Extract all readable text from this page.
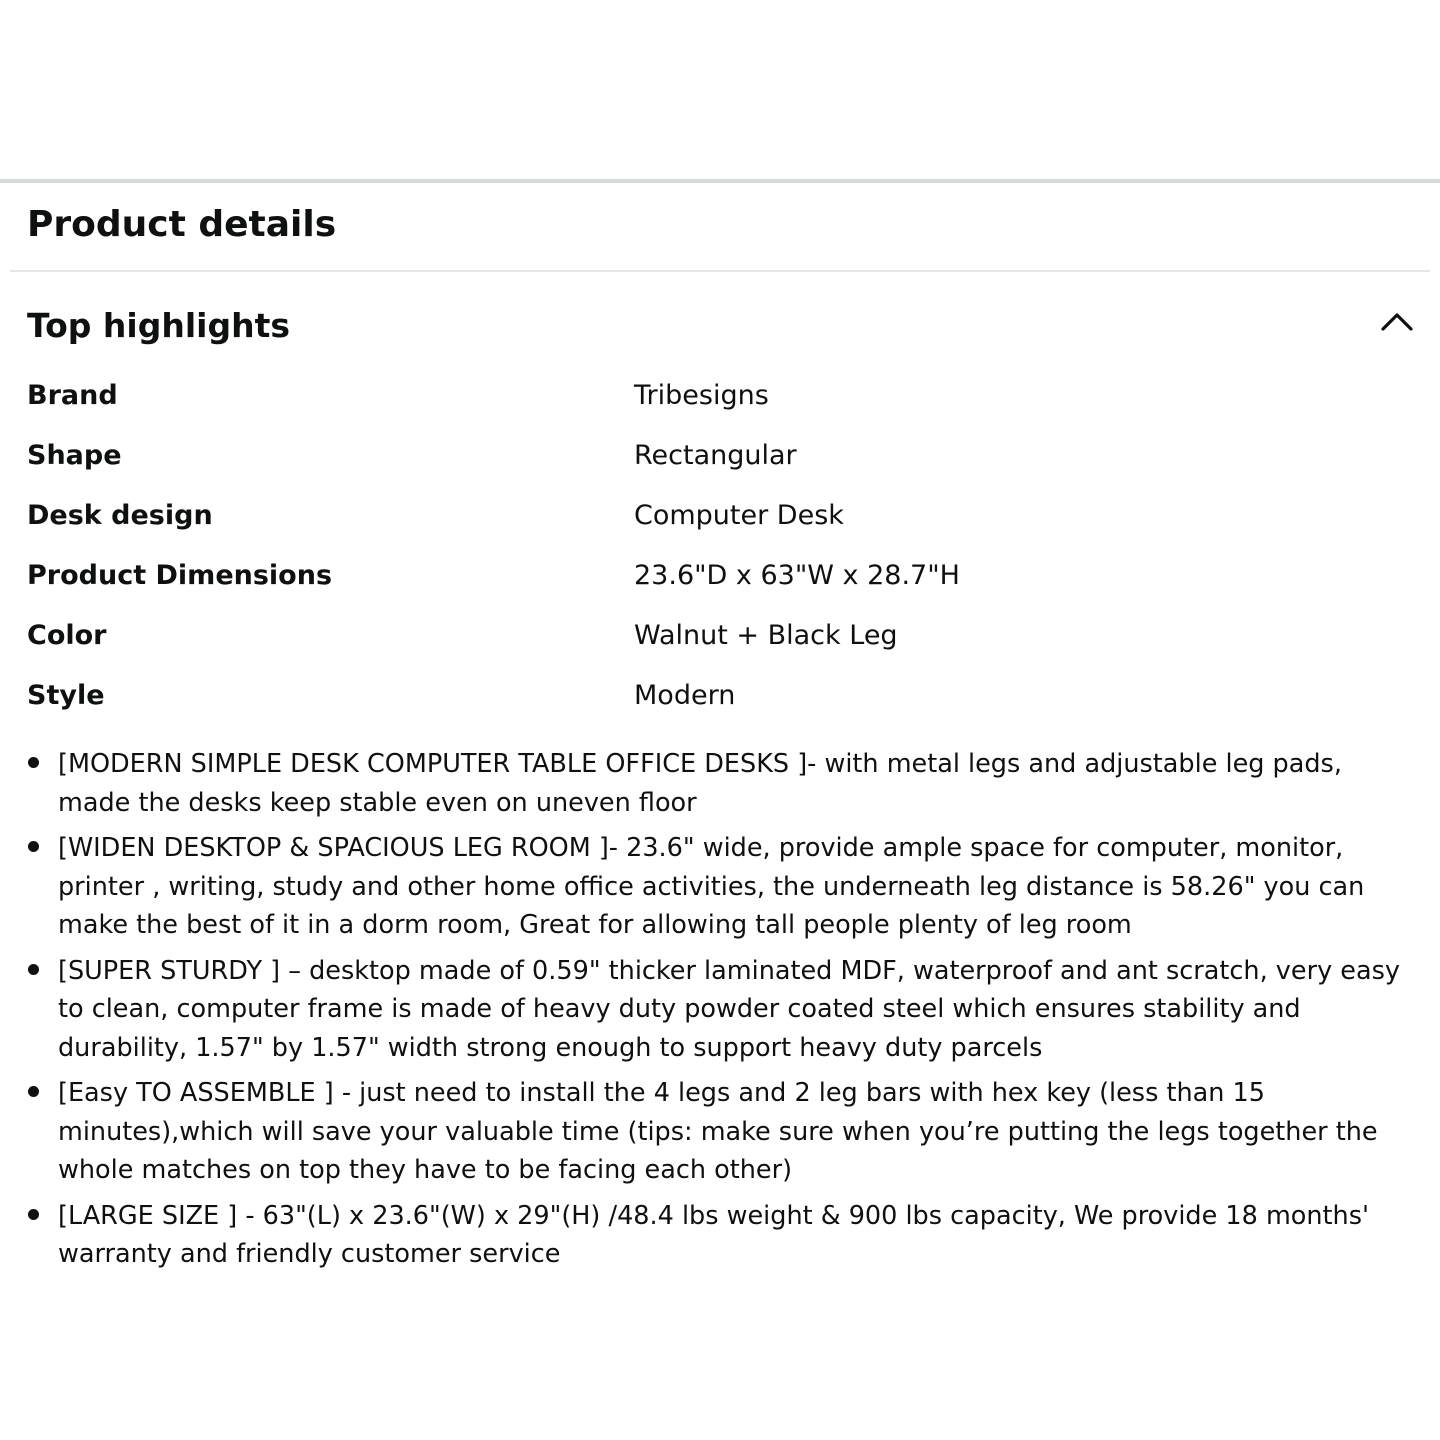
Product details
Top highlights
Brand	Tribesigns
Shape	Rectangular
Desk design	Computer Desk
Product Dimensions	23.6"D x 63"W x 28.7"H
Color	Walnut + Black Leg
Style	Modern
[MODERN SIMPLE DESK COMPUTER TABLE OFFICE DESKS ]- with metal legs and adjustable leg pads, made the desks keep stable even on uneven floor
[WIDEN DESKTOP & SPACIOUS LEG ROOM ]- 23.6" wide, provide ample space for computer, monitor, printer , writing, study and other home office activities, the underneath leg distance is 58.26" you can make the best of it in a dorm room, Great for allowing tall people plenty of leg room
[SUPER STURDY ] – desktop made of 0.59" thicker laminated MDF, waterproof and ant scratch, very easy to clean, computer frame is made of heavy duty powder coated steel which ensures stability and durability, 1.57" by 1.57" width strong enough to support heavy duty parcels
[Easy TO ASSEMBLE ] - just need to install the 4 legs and 2 leg bars with hex key (less than 15 minutes),which will save your valuable time (tips: make sure when you’re putting the legs together the whole matches on top they have to be facing each other)
[LARGE SIZE ] - 63"(L) x 23.6"(W) x 29"(H) /48.4 lbs weight & 900 lbs capacity, We provide 18 months' warranty and friendly customer service
